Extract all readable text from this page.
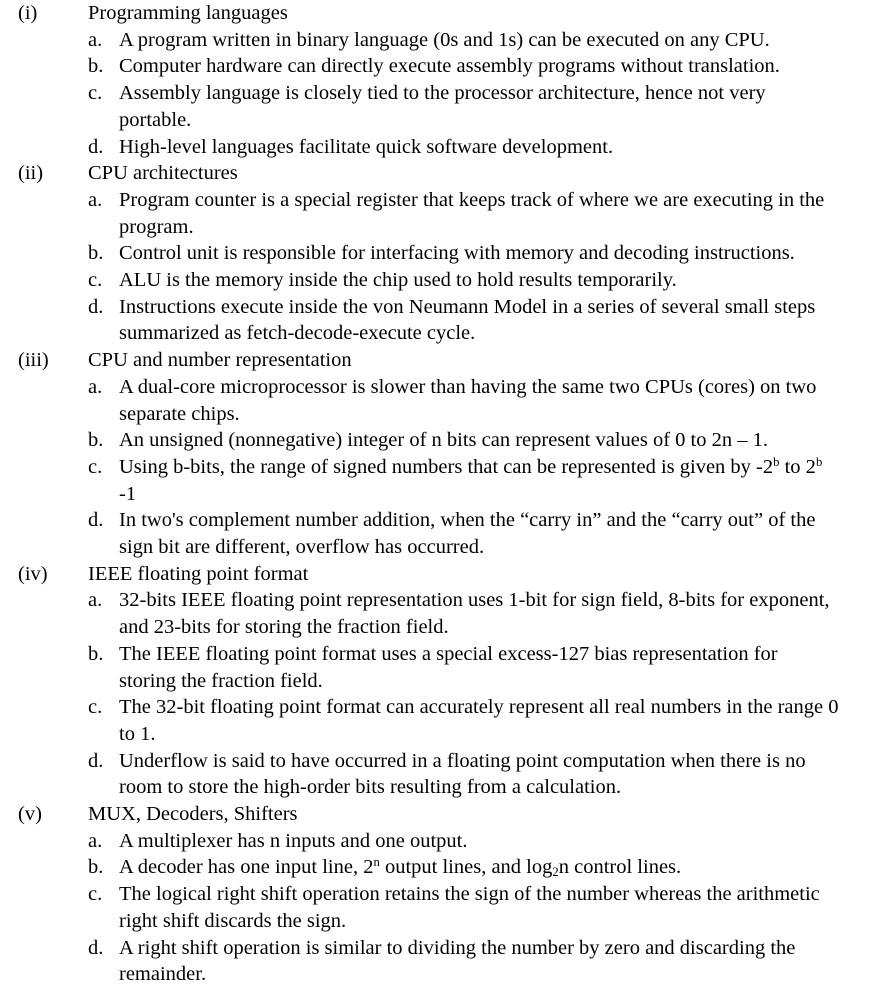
(i) Programming languages
a. A program written in binary language (0s and 1s) can be executed on any CPU.
b. Computer hardware can directly execute assembly programs without translation.
c. Assembly language is closely tied to the processor architecture, hence not very portable.
d. High-level languages facilitate quick software development.
(ii) CPU architectures
a. Program counter is a special register that keeps track of where we are executing in the program.
b. Control unit is responsible for interfacing with memory and decoding instructions.
c. ALU is the memory inside the chip used to hold results temporarily.
d. Instructions execute inside the von Neumann Model in a series of several small steps summarized as fetch-decode-execute cycle.
(iii) CPU and number representation
a. A dual-core microprocessor is slower than having the same two CPUs (cores) on two separate chips.
b. An unsigned (nonnegative) integer of n bits can represent values of 0 to 2n – 1.
c. Using b-bits, the range of signed numbers that can be represented is given by -2$^b$ to 2$^b$ -1
d. In two's complement number addition, when the “carry in” and the “carry out” of the sign bit are different, overflow has occurred.
(iv) IEEE floating point format
a. 32-bits IEEE floating point representation uses 1-bit for sign field, 8-bits for exponent, and 23-bits for storing the fraction field.
b. The IEEE floating point format uses a special excess-127 bias representation for storing the fraction field.
c. The 32-bit floating point format can accurately represent all real numbers in the range 0 to 1.
d. Underflow is said to have occurred in a floating point computation when there is no room to store the high-order bits resulting from a calculation.
(v) MUX, Decoders, Shifters
a. A multiplexer has n inputs and one output.
b. A decoder has one input line, 2$^n$ output lines, and $\log_2n$ control lines.
c. The logical right shift operation retains the sign of the number whereas the arithmetic right shift discards the sign.
d. A right shift operation is similar to dividing the number by zero and discarding the remainder.
